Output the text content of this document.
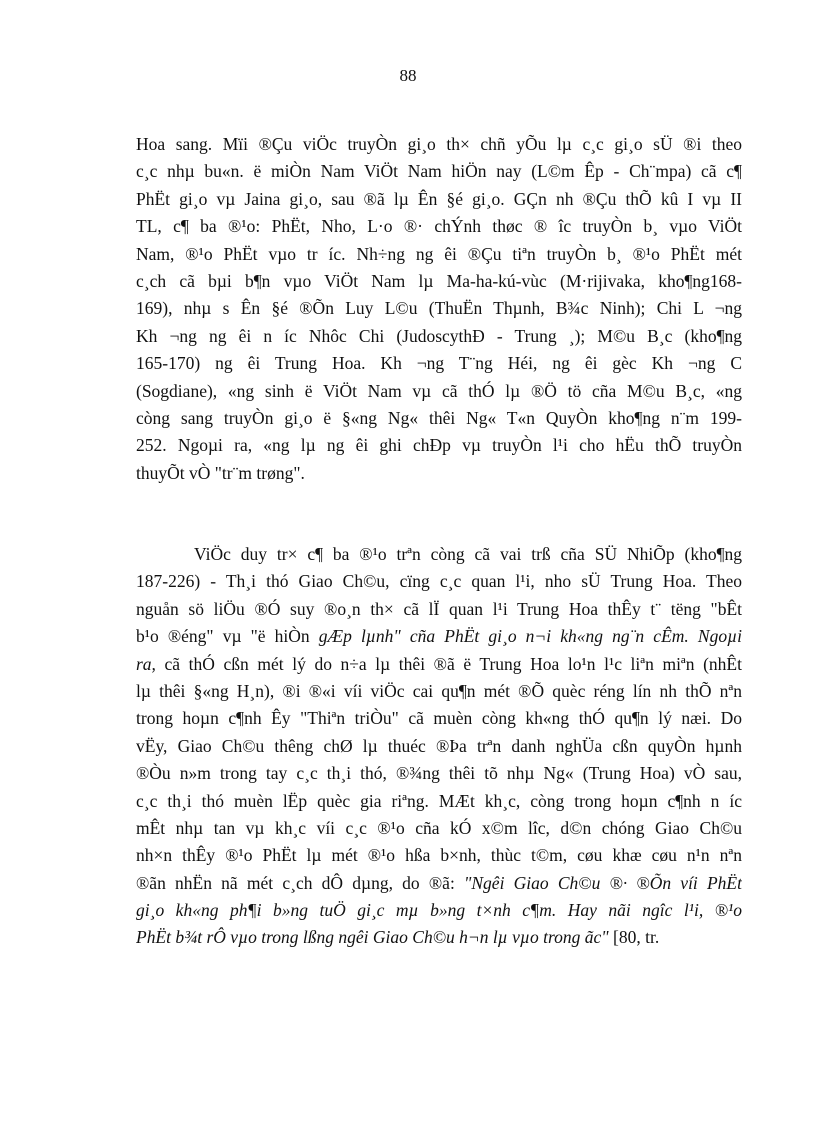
88
Hoa sang. Mïi ®Çu viÖc truyÒn gi¸o th× chñ yÕu lµ c¸c gi¸o sÜ ®i theo
c¸c nhµ bu«n. ë miÒn Nam ViÖt Nam hiÖn nay (L©m Êp - Ch¨mpa) cã c¶
PhËt gi¸o vµ Jaina gi¸o, sau ®ã lµ Ên §é gi¸o. GÇn nh ®Çu thÕ kû I vµ II
TL, c¶ ba ®¹o: PhËt, Nho, L·o ®· chÝnh thøc ® îc truyÒn b¸ vµo ViÖt
Nam, ®¹o PhËt vµo tr íc. Nh÷ng ng êi ®Çu tiªn truyÒn b¸ ®¹o PhËt mét
c¸ch cã bµi b¶n vµo ViÖt Nam lµ Ma-ha-kú-vùc (M·rijivaka, kho¶ng168-
169), nhµ s Ên §é ®Õn Luy L©u (ThuËn Thµnh, B¾c Ninh); Chi L ¬ng
Kh ¬ng ng êi n íc Nhôc Chi (JudoscythÐ - Trung ¸); M©u B¸c (kho¶ng
165-170) ng êi Trung Hoa. Kh ¬ng T¨ng Héi, ng êi gèc Kh ¬ng C
(Sogdiane), «ng sinh ë ViÖt Nam vµ cã thÓ lµ ®Ö tö cña M©u B¸c, «ng
còng sang truyÒn gi¸o ë §«ng Ng« thêi Ng« T«n QuyÒn kho¶ng n¨m 199-
252. Ngoµi ra, «ng lµ ng êi ghi chÐp vµ truyÒn l¹i cho hËu thÕ truyÒn
thuyÕt vÒ "tr¨m trøng".
ViÖc duy tr× c¶ ba ®¹o trªn còng cã vai trß cña SÜ NhiÕp (kho¶ng
187-226) - Th¸i thó Giao Ch©u, cïng c¸c quan l¹i, nho sÜ Trung Hoa. Theo
nguån sö liÖu ®Ó suy ®o¸n th× cã lÏ quan l¹i Trung Hoa thÊy t¨ tëng "bÊt
b¹o ®éng" vµ "ë hiÒn gÆp lµnh" cña PhËt gi¸o n¬i kh«ng ng¨n cÊm. Ngoµi
ra, cã thÓ cßn mét lý do n÷a lµ thêi ®ã ë Trung Hoa lo¹n l¹c liªn miªn (nhÊt
lµ thêi §«ng H¸n), ®i ®«i víi viÖc cai qu¶n mét ®Õ quèc réng lín nh thÕ nªn
trong hoµn c¶nh Êy "Thiªn triÒu" cã muèn còng kh«ng thÓ qu¶n lý næi. Do
vËy, Giao Ch©u thêng chØ lµ thuéc ®Þa trªn danh nghÜa cßn quyÒn hµnh
®Òu n»m trong tay c¸c th¸i thó, ®¾ng thêi tõ nhµ Ng« (Trung Hoa) vÒ sau,
c¸c th¸i thó muèn lËp quèc gia riªng. MÆt kh¸c, còng trong hoµn c¶nh n íc
mÊt nhµ tan vµ kh¸c víi c¸c ®¹o cña kÓ x©m lîc, d©n chóng Giao Ch©u
nh×n thÊy ®¹o PhËt lµ mét ®¹o hßa b×nh, thùc t©m, cøu khæ cøu n¹n nªn
®ãn nhËn nã mét c¸ch dÔ dµng, do ®ã: "Ngêi Giao Ch©u ®· ®Õn víi PhËt
gi¸o kh«ng ph¶i b»ng tuÖ gi¸c mµ b»ng t×nh c¶m. Hay nãi ngîc l¹i, ®¹o
PhËt b¾t rÔ vµo trong lßng ngêi Giao Ch©u h¬n lµ vµo trong ãc" [80, tr.
